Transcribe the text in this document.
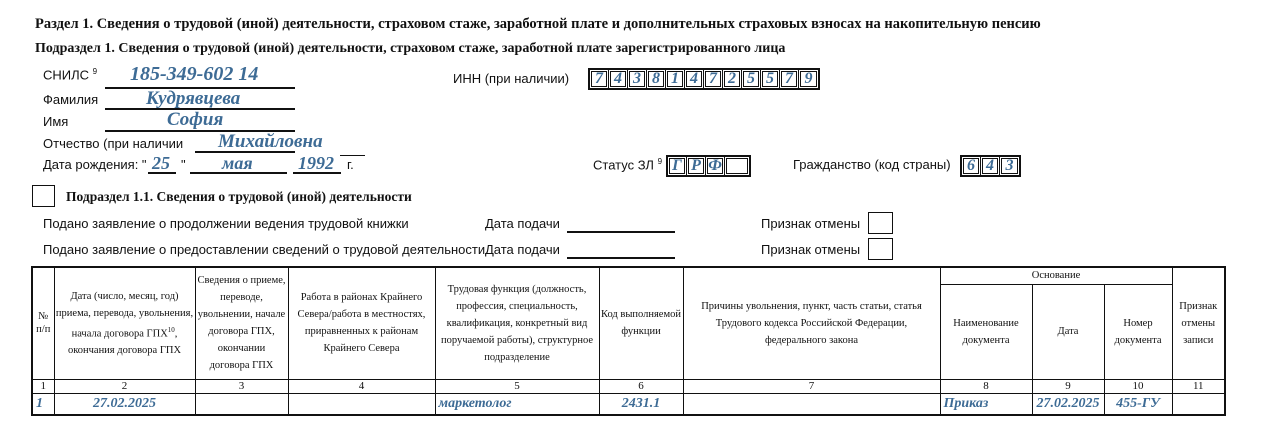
Раздел 1. Сведения о трудовой (иной) деятельности, страховом стаже, заработной плате и дополнительных страховых взносах на накопительную пенсию
Подраздел 1. Сведения о трудовой (иной) деятельности, страховом стаже, заработной плате зарегистрированного лица
СНИЛС $^9$ 185-349-602 14
Фамилия	Кудрявцева
Имя	София
Отчество (при наличии Михайловна
Дата рождения: " 25 " мая	1992 г.
ИНН (при наличии) 7 4 3 8 1 4 7 2 5 5 7 9
Статус ЗЛ $^9$ Г Р Ф	Гражданство (код страны) 6 4 3
Подраздел 1.1. Сведения о трудовой (иной) деятельности
Подано заявление о продолжении ведения трудовой книжки	Дата подачи	Признак отмены
Подано заявление о предоставлении сведений о трудовой деятельности Дата подачи	Признак отмены
№ п/п	Дата (число, месяц, год) приема, перевода, увольнения, начала договора ГПХ$^{10}$, окончания договора ГПХ	Сведения о приеме, переводе, увольнении, начале договора ГПХ, окончании договора ГПХ	Работа в районах Крайнего Севера/работа в местностях, приравненных к районам Крайнего Севера	Трудовая функция (должность, профессия, специальность, квалификация, конкретный вид поручаемой работы), структурное подразделение	Код выполняемой функции	Причины увольнения, пункт, часть статьи, статья Трудового кодекса Российской Федерации, федерального закона	Основание			Признак отмены записи
							Наименование документа	Дата	Номер документа	
1	2	3	4	5	6	7	8	9	10	11
1	27.02.2025			маркетолог	2431.1		Приказ	27.02.2025	455-ГУ	
